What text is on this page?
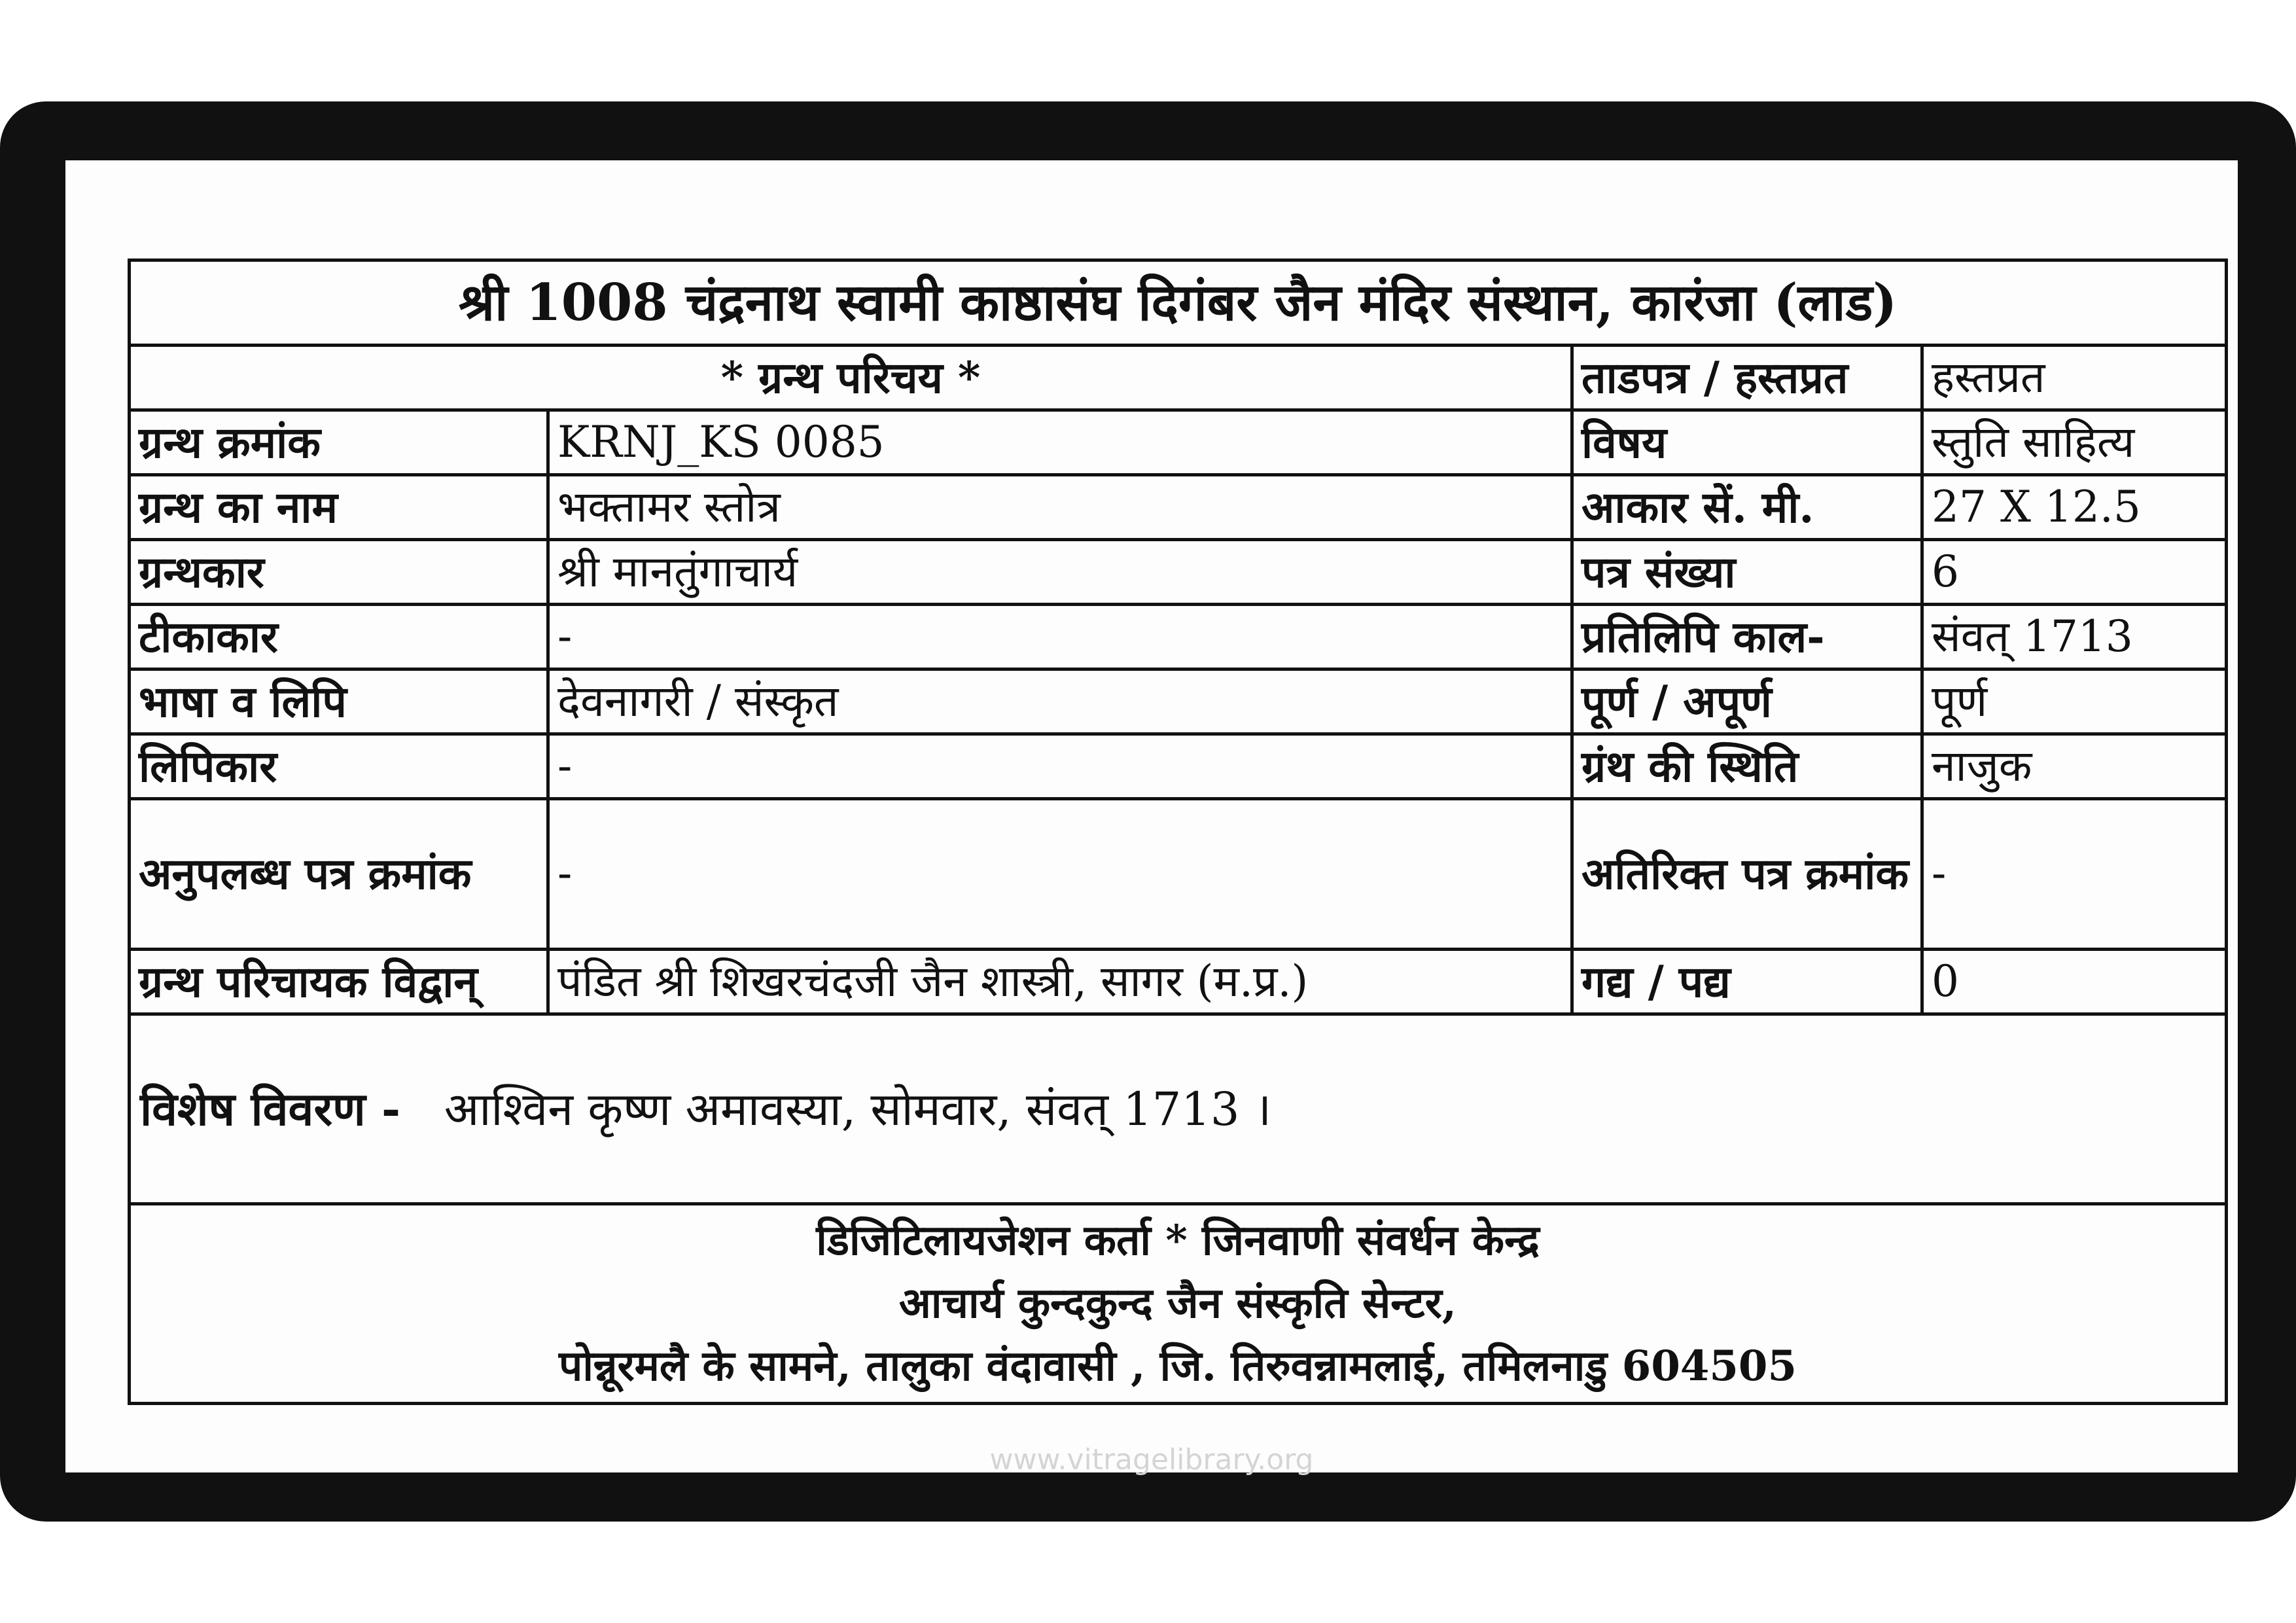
श्री 1008 चंद्रनाथ स्वामी काष्ठासंघ दिगंबर जैन मंदिर संस्थान, कारंजा (लाड)			
* ग्रन्थ परिचय *		ताडपत्र / हस्तप्रत	हस्तप्रत
ग्रन्थ क्रमांक	KRNJ_KS 0085	विषय	स्तुति साहित्य
ग्रन्थ का नाम	भक्तामर स्तोत्र	आकार सें. मी.	27 X 12.5
ग्रन्थकार	श्री मानतुंगाचार्य	पत्र संख्या	6
टीकाकार	-	प्रतिलिपि काल-	संवत् 1713
भाषा व लिपि	देवनागरी / संस्कृत	पूर्ण / अपूर्ण	पूर्ण
लिपिकार	-	ग्रंथ की स्थिति	नाजुक
अनुपलब्ध पत्र क्रमांक	-	अतिरिक्त पत्र क्रमांक	-
ग्रन्थ परिचायक विद्वान्	पंडित श्री शिखरचंदजी जैन शास्त्री, सागर (म.प्र.)	गद्य / पद्य	0
विशेष विवरण - आश्विन कृष्ण अमावस्या, सोमवार, संवत् 1713 ।			

डिजिटिलायजेशन कर्ता * जिनवाणी संवर्धन केन्द्र
आचार्य कुन्दकुन्द जैन संस्कृति सेन्टर,
पोन्नूरमलै के सामने, तालुका वंदावासी , जि. तिरुवन्नामलाई, तमिलनाडु 604505			
www.vitragelibrary.org
